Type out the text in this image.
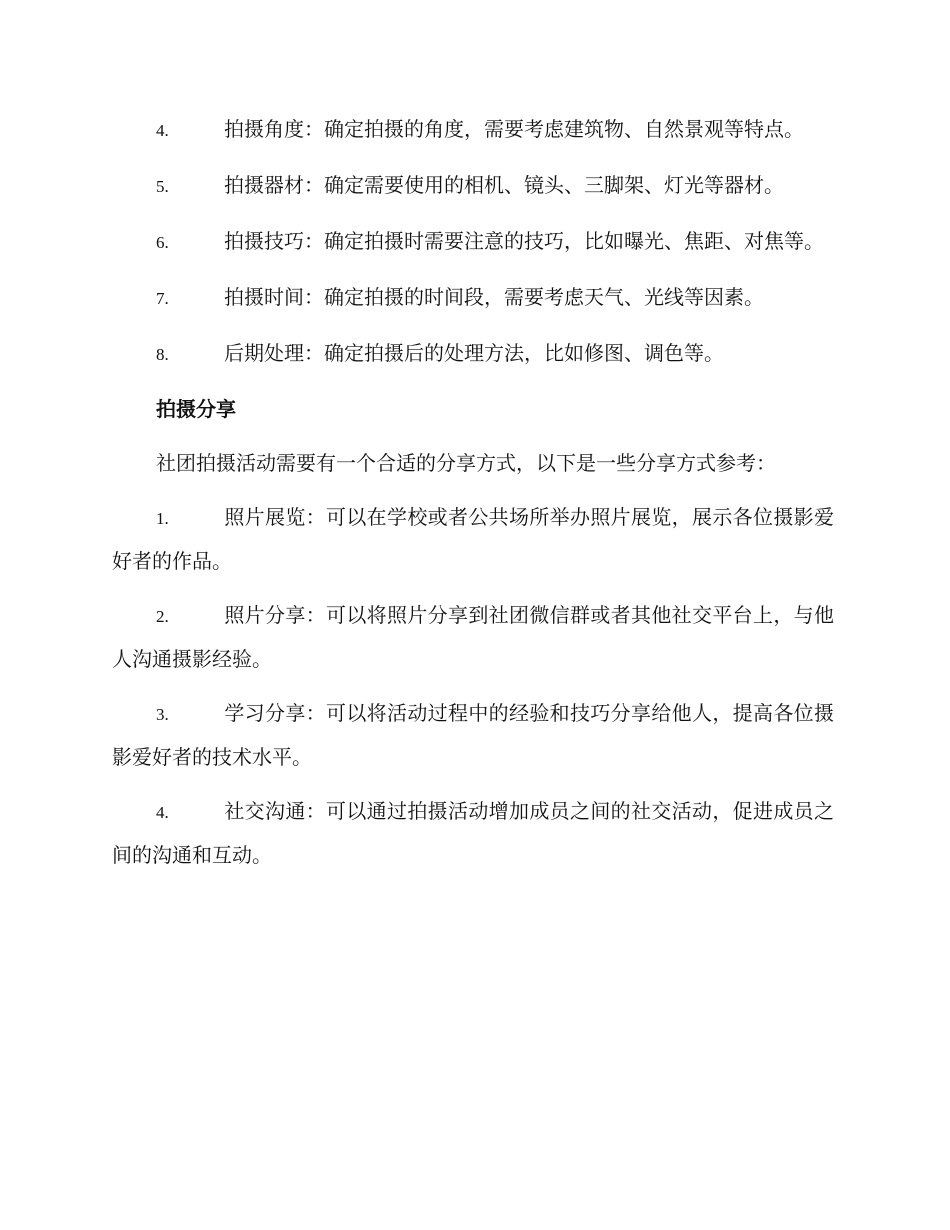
4.	拍摄角度：确定拍摄的角度，需要考虑建筑物、自然景观等特点。
5.	拍摄器材：确定需要使用的相机、镜头、三脚架、灯光等器材。
6.	拍摄技巧：确定拍摄时需要注意的技巧，比如曝光、焦距、对焦等。
7.	拍摄时间：确定拍摄的时间段，需要考虑天气、光线等因素。
8.	后期处理：确定拍摄后的处理方法，比如修图、调色等。
拍摄分享
社团拍摄活动需要有一个合适的分享方式，以下是一些分享方式参考：
1.	照片展览：可以在学校或者公共场所举办照片展览，展示各位摄影爱好者的作品。
2.	照片分享：可以将照片分享到社团微信群或者其他社交平台上，与他人沟通摄影经验。
3.	学习分享：可以将活动过程中的经验和技巧分享给他人，提高各位摄影爱好者的技术水平。
4.	社交沟通：可以通过拍摄活动增加成员之间的社交活动，促进成员之间的沟通和互动。
